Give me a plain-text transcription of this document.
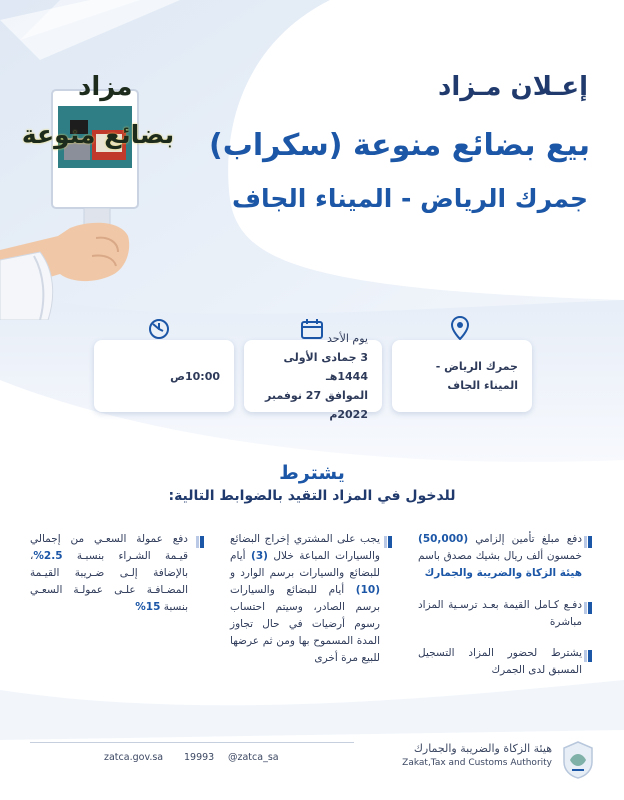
مزاد
بضائع منوعة
إعـلان مـزاد
بيع بضائع منوعة (سكراب)
جمرك الرياض - الميناء الجاف
جمرك الرياض - الميناء الجاف
يوم الأحد
3 جمادى الأولى 1444هـ
الموافق 27 نوفمبر 2022م
10:00ص
يشترط
للدخول في المزاد التقيد بالضوابط التالية:
دفع مبلغ تأمين إلزامي (50,000) خمسون ألف ريال بشيك مصدق باسم هيئة الزكاة والضريبة والجمارك
دفـع كـامل القيمة بعـد ترسـية المزاد مباشرة
يشترط لحضور المزاد التسجيل المسبق لدى الجمرك
يجب على المشتري إخراج البضائع والسيارات المباعة خلال (3) أيام للبضائع والسيارات برسم الوارد و (10) أيام للبضائع والسيارات برسم الصادر، وسيتم احتساب رسوم أرضيات في حال تجاوز المدة المسموح بها ومن ثم عرضها للبيع مرة أخرى
دفع عمولة السعـي من إجمالي قيـمة الشـراء بنسبـة 2.5%، بالإضافة إلـى ضـريبة القيـمة المضـافـة علـى عمولـة السعـي بنسبة 15%
zatca.gov.sa 19993 @zatca_sa
هيئة الزكاة والضريبة والجمارك
Zakat,Tax and Customs Authority
